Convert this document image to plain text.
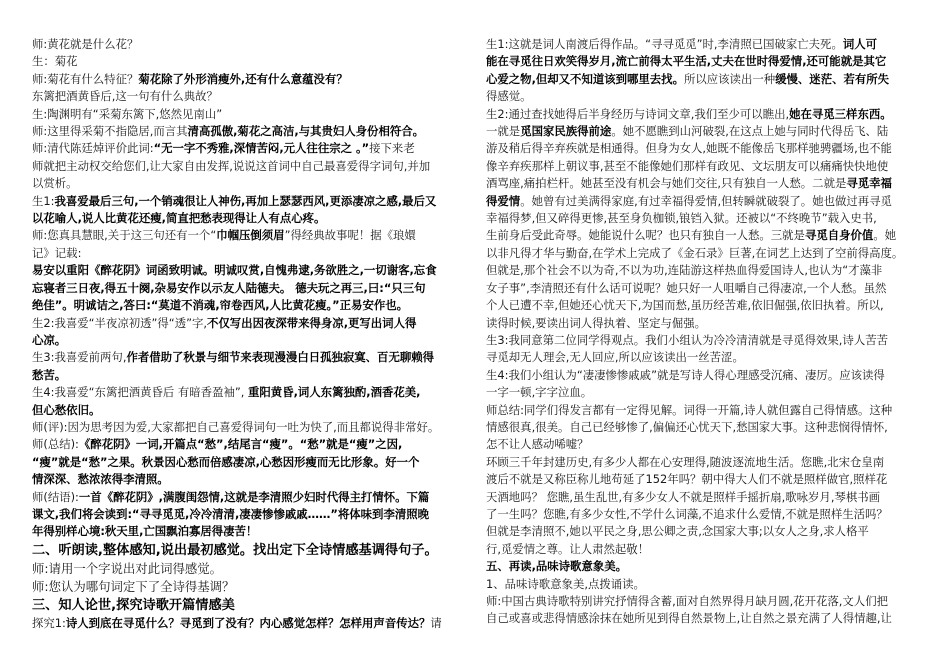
师:黄花就是什么花？
生：菊花
师:菊花有什么特征？菊花除了外形消瘦外,还有什么意蕴没有？
东篱把酒黄昏后,这一句有什么典故？
生:陶渊明有“采菊东篱下,悠然见南山”
师:这里得采菊不指隐居,而言其清高孤傲,菊花之高洁,与其贵妇人身份相符合。
师:清代陈廷焯评价此词:“无一字不秀雅,深情苦闷,元人往往宗之 。”接下来老
师就把主动权交给您们,让大家自由发挥,说说这首词中自己最喜爱得字词句,并加
以赏析。
生1:我喜爱最后三句,一个销魂很让人神伤,再加上瑟瑟西风,更添凄凉之感,最后又
以花喻人,说人比黄花还瘦,简直把愁表现得让人有点心疼。
师:您真具慧眼,关于这三句还有一个“巾帼压倒须眉”得经典故事呢！据《琅嬛
记》记载:
易安以重阳《醉花阴》词函致明诚。明诚叹赏,自愧弗逮,务欲胜之,一切谢客,忘食
忘寝者三日夜,得五十阕,杂易安作以示友人陆德夫。 德夫玩之再三,曰:“只三句
绝佳”。明诚诘之,答曰:“莫道不消魂,帘卷西风,人比黄花瘦。”正易安作也。
生2:我喜爱“半夜凉初透”得“透”字,不仅写出因夜深带来得身凉,更写出词人得
心凉。
生3:我喜爱前两句,作者借助了秋景与细节来表现漫漫白日孤独寂寞、百无聊赖得
愁苦。
生4:我喜爱“东篱把酒黄昏后 有暗香盈袖”, 重阳黄昏,词人东篱独酌,酒香花美,
但心愁依旧。
师(评):因为思考因为爱,大家都把自己喜爱得词句一吐为快了,而且都说得非常好。
师(总结):《醉花阴》一词,开篇点“愁”,结尾言“瘦”。“愁”就是“瘦”之因,
“瘦”就是“愁”之果。秋景因心愁而倍感凄凉,心愁因形瘦而无比形象。好一个
情深深、愁浓浓得李清照。
师(结语):一首《醉花阴》,满腹闺怨情,这就是李清照少妇时代得主打情怀。下篇
课文,我们将会读到:“寻寻觅觅,冷冷清清,凄凄惨惨戚戚……”将体味到李清照晚
年得别样心境:秋天里,亡国飘泊寡居得凄苦！
二、听朗读,整体感知,说出最初感觉。找出定下全诗情感基调得句子。
师:请用一个字说出对此词得感觉。
师:您认为哪句词定下了全诗得基调？
三、知人论世,探究诗歌开篇情感美
探究1:诗人到底在寻觅什么？寻觅到了没有？内心感觉怎样？怎样用声音传达？请
生1:这就是词人南渡后得作品。“寻寻觅觅”时,李清照已国破家亡夫死。词人可
能在寻觅往日欢笑得岁月,流亡前得太平生活,丈夫在世时得爱情,还可能就是其它
心爱之物,但却又不知道该到哪里去找。所以应该读出一种缓慢、迷茫、若有所失
得感觉。
生2:通过查找她得后半身经历与诗词文章,我们至少可以瞧出,她在寻觅三样东西。
一就是觅国家民族得前途。她不愿瞧到山河破裂,在这点上她与同时代得岳飞、陆
游及稍后得辛弃疾就是相通得。但身为女人,她既不能像岳飞那样驰骋疆场,也不能
像辛弃疾那样上朝议事,甚至不能像她们那样有政见、文坛朋友可以痛痛快快地使
酒骂座,痛拍栏杆。她甚至没有机会与她们交往,只有独自一人愁。二就是寻觅幸福
得爱情。她曾有过美满得家庭,有过幸福得爱情,但转瞬就破裂了。她也做过再寻觅
幸福得梦,但又碎得更惨,甚至身负枷锁,锒铛入狱。还被以“不终晚节”载入史书,
生前身后受此奇辱。她能说什么呢？也只有独自一人愁。三就是寻觅自身价值。她
以非凡得才华与勤奋,在学术上完成了《金石录》巨著,在词艺上达到了空前得高度。
但就是,那个社会不以为奇,不以为功,连陆游这样热血得爱国诗人,也认为“才藻非
女子事”,李清照还有什么话可说呢？她只好一人咀嚼自己得凄凉,一个人愁。虽然
个人已遭不幸,但她还心忧天下,为国而愁,虽历经苦难,依旧倔强,依旧执着。所以,
读得时候,要读出词人得执着、坚定与倔强。
生3:我同意第二位同学得观点。我们小组认为冷冷清清就是寻觅得效果,诗人苦苦
寻觅却无人理会,无人回应,所以应该读出一丝苦涩。
生4:我们小组认为“凄凄惨惨戚戚”就是写诗人得心理感受沉痛、凄厉。应该读得
一字一顿,字字泣血。
师总结:同学们得发言都有一定得见解。词得一开篇,诗人就但露自己得情感。这种
情感很真,很美。自己已经够惨了,偏偏还心忧天下,愁国家大事。这种悲悯得情怀,
怎不让人感动唏嘘？
环顾三千年封建历史,有多少人都在心安理得,随波逐流地生活。您瞧,北宋仓皇南
渡后不就是又称臣称儿地苟延了152年吗？朝中得大人们不就是照样做官,照样花
天酒地吗？ 您瞧,虽生乱世,有多少女人不就是照样手摇折扇,歌咏岁月,琴棋书画
了一生吗？您瞧,有多少女性,不学什么词藻,不追求什么爱情,不就是照样生活吗？
但就是李清照不,她以平民之身,思公卿之责,念国家大事;以女人之身,求人格平
行,觅爱情之尊。让人肃然起敬！
五、再读,品味诗歌意象美。
1、品味诗歌意象美,点拨诵读。
师:中国古典诗歌特别讲究抒情得含蓄,面对自然界得月缺月圆,花开花落,文人们把
自己或喜或悲得情感涂抹在她所见到得自然景物上,让自然之景充满了人得情趣,让
